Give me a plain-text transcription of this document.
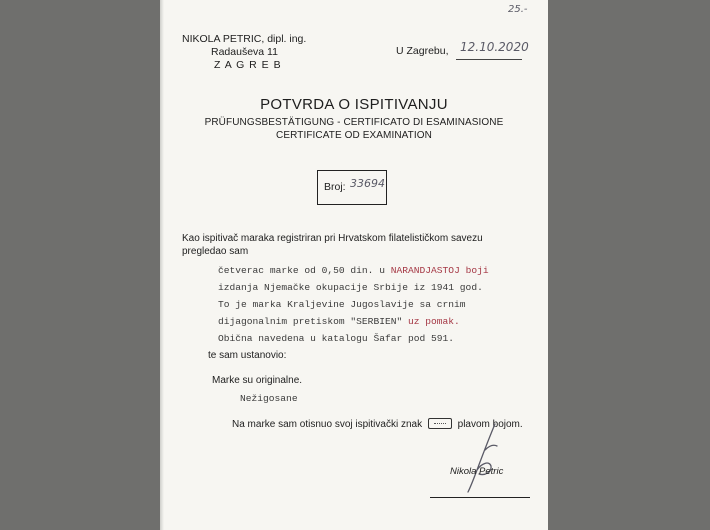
25.-
NIKOLA PETRIC, dipl. ing.
Radauševa 11
Z A G R E B
U Zagrebu, 12.10.2020
POTVRDA O ISPITIVANJU
PRÜFUNGSBESTÄTIGUNG - CERTIFICATO DI ESAMINASIONE
CERTIFICATE OD EXAMINATION
Broj: 33694
Kao ispitivač maraka registriran pri Hrvatskom filatelističkom savezu
pregledao sam
četverac marke od 0,50 din. u NARANDJASTOJ boji
izdanja Njemačke okupacije Srbije iz 1941 god.
To je marka Kraljevine Jugoslavije sa crnim
dijagonalnim pretiskom "SERBIEN" uz pomak.
Obična navedena u katalogu Šafar pod 591.
te sam ustanovio:
Marke su originalne.
Nežigosane
Na marke sam otisnuo svoj ispitivački znak	plavom bojom.
Nikola Petric
